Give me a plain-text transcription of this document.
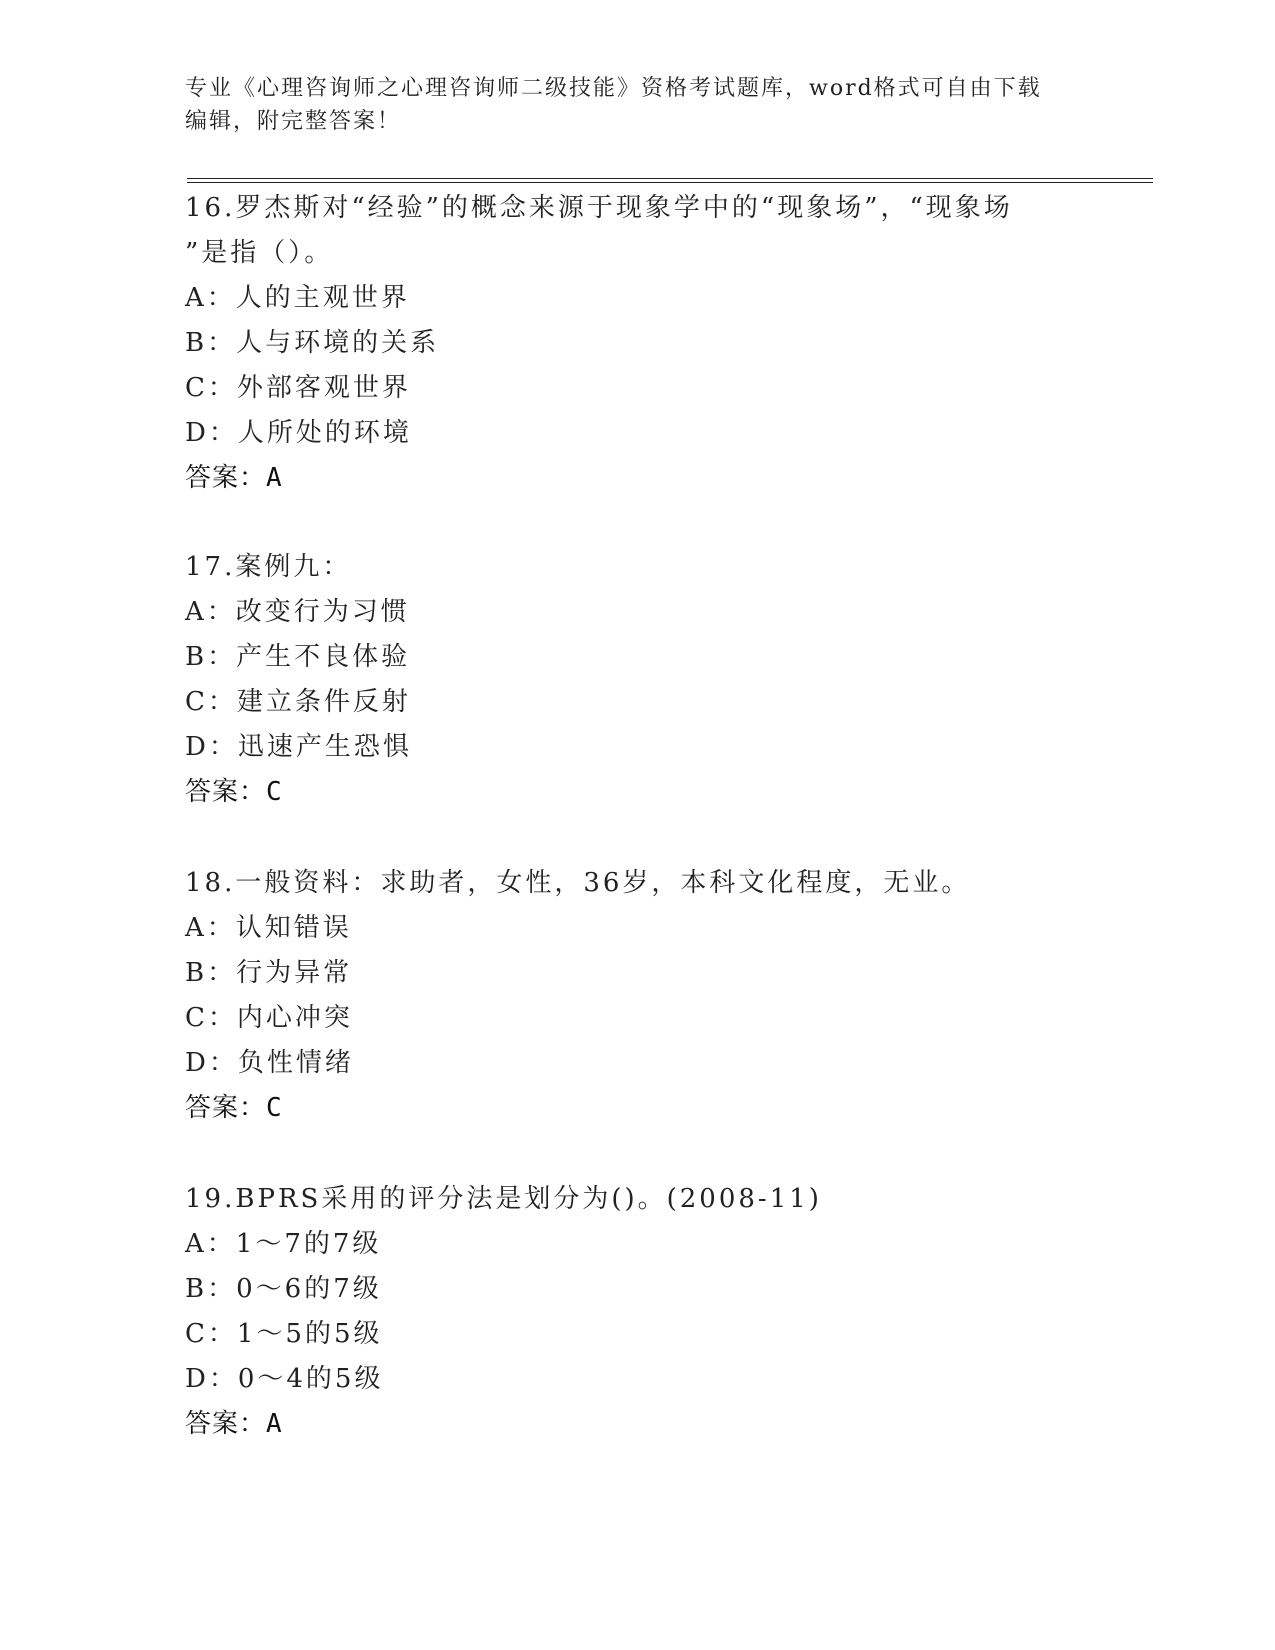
专业《心理咨询师之心理咨询师二级技能》资格考试题库，word格式可自由下载
编辑，附完整答案！

16.罗杰斯对“经验”的概念来源于现象学中的“现象场”，“现象场

”是指（）。

A：人的主观世界

B：人与环境的关系

C：外部客观世界

D：人所处的环境

答案：A

17.案例九：

A：改变行为习惯

B：产生不良体验

C：建立条件反射

D：迅速产生恐惧

答案：C

18.一般资料：求助者，女性，36岁，本科文化程度，无业。

A：认知错误

B：行为异常

C：内心冲突

D：负性情绪

答案：C

19.BPRS采用的评分法是划分为()。(2008-11)

A：1～7的7级

B：0～6的7级

C：1～5的5级

D：0～4的5级

答案：A
